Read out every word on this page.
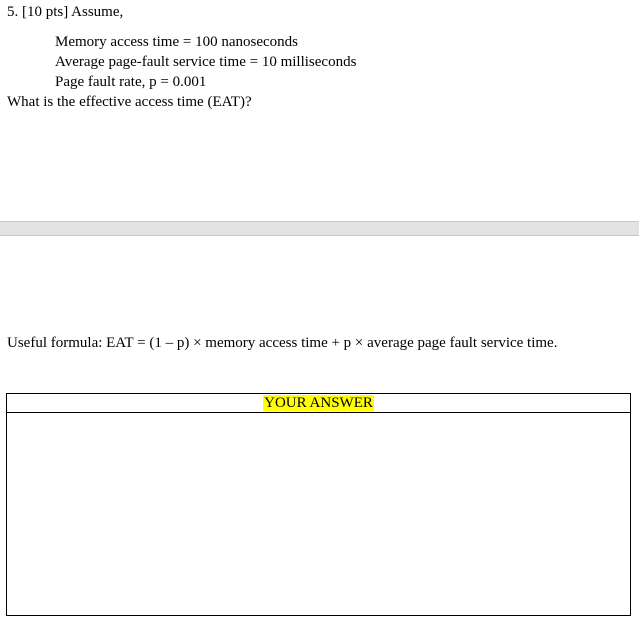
5. [10 pts] Assume,
Memory access time = 100 nanoseconds
Average page-fault service time = 10 milliseconds
Page fault rate, p = 0.001
What is the effective access time (EAT)?
Useful formula: EAT = (1 – p) × memory access time + p × average page fault service time.
YOUR ANSWER
